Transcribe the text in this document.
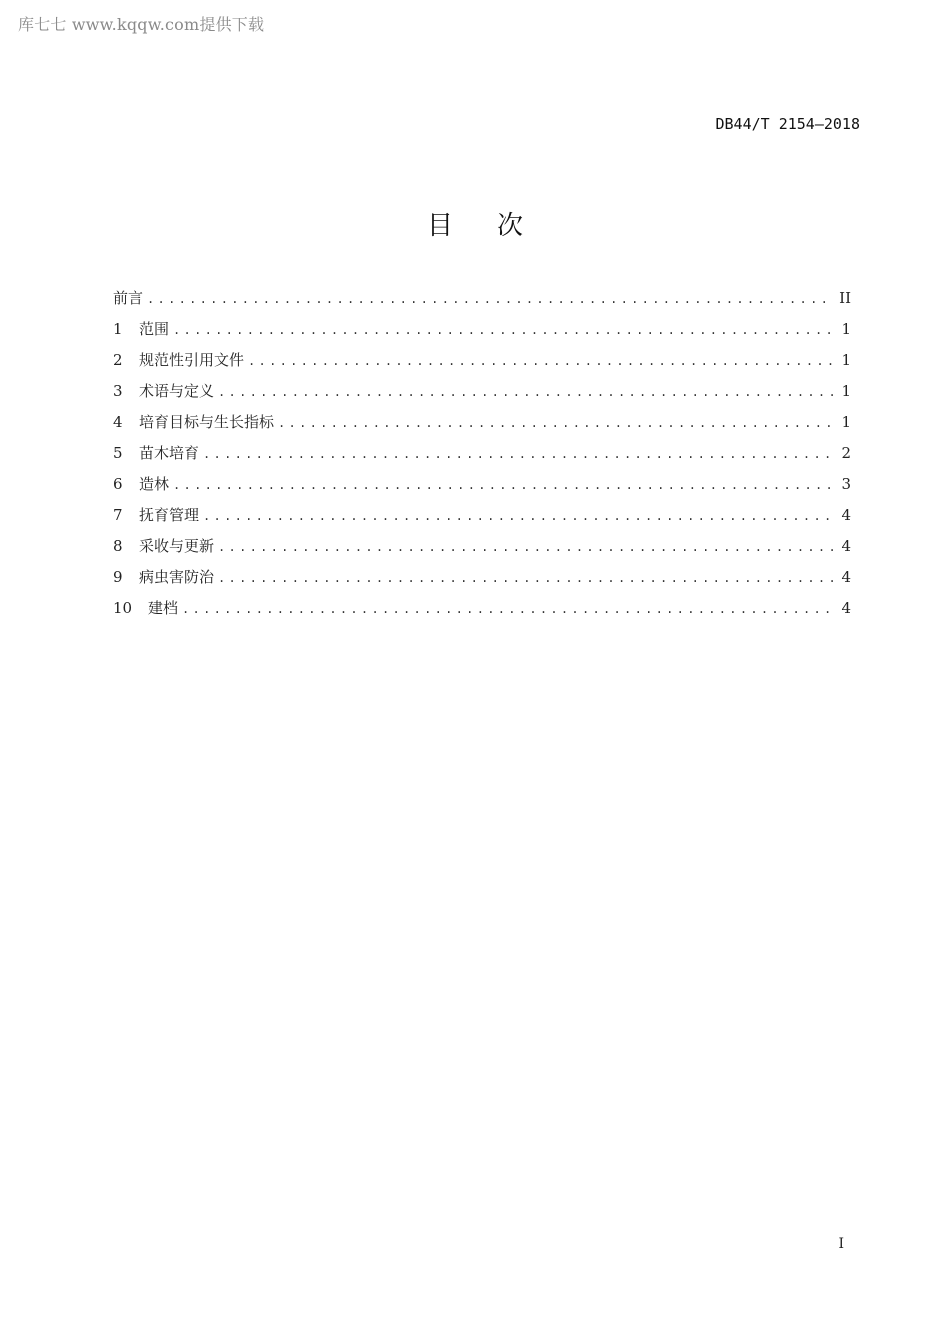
库七七 www.kqqw.com提供下载
DB44/T 2154—2018
目次
前言 .....	II
1	范围 .....	1
2	规范性引用文件 .....	1
3	术语与定义 .....	1
4	培育目标与生长指标 .....	1
5	苗木培育 .....	2
6	造林 .....	3
7	抚育管理 .....	4
8	采收与更新 .....	4
9	病虫害防治 .....	4
10	建档 .....	4
I
